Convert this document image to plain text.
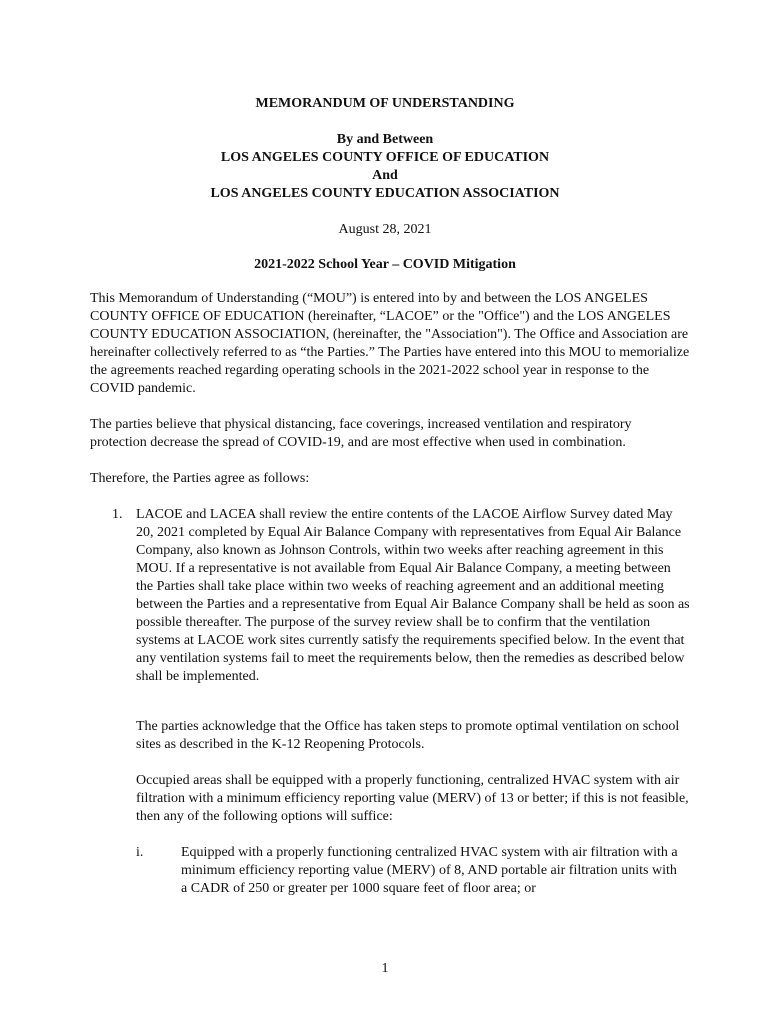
MEMORANDUM OF UNDERSTANDING
By and Between
LOS ANGELES COUNTY OFFICE OF EDUCATION
And
LOS ANGELES COUNTY EDUCATION ASSOCIATION
August 28, 2021
2021-2022 School Year – COVID Mitigation

This Memorandum of Understanding (“MOU”) is entered into by and between the LOS ANGELES COUNTY OFFICE OF EDUCATION (hereinafter, “LACOE” or the "Office") and the LOS ANGELES COUNTY EDUCATION ASSOCIATION, (hereinafter, the "Association"). The Office and Association are hereinafter collectively referred to as “the Parties.” The Parties have entered into this MOU to memorialize the agreements reached regarding operating schools in the 2021-2022 school year in response to the COVID pandemic.

The parties believe that physical distancing, face coverings, increased ventilation and respiratory protection decrease the spread of COVID-19, and are most effective when used in combination.

Therefore, the Parties agree as follows:

1. LACOE and LACEA shall review the entire contents of the LACOE Airflow Survey dated May 20, 2021 completed by Equal Air Balance Company with representatives from Equal Air Balance Company, also known as Johnson Controls, within two weeks after reaching agreement in this MOU. If a representative is not available from Equal Air Balance Company, a meeting between the Parties shall take place within two weeks of reaching agreement and an additional meeting between the Parties and a representative from Equal Air Balance Company shall be held as soon as possible thereafter. The purpose of the survey review shall be to confirm that the ventilation systems at LACOE work sites currently satisfy the requirements specified below. In the event that any ventilation systems fail to meet the requirements below, then the remedies as described below shall be implemented.

The parties acknowledge that the Office has taken steps to promote optimal ventilation on school sites as described in the K-12 Reopening Protocols.

Occupied areas shall be equipped with a properly functioning, centralized HVAC system with air filtration with a minimum efficiency reporting value (MERV) of 13 or better; if this is not feasible, then any of the following options will suffice:

i.	Equipped with a properly functioning centralized HVAC system with air filtration with a minimum efficiency reporting value (MERV) of 8, AND portable air filtration units with a CADR of 250 or greater per 1000 square feet of floor area; or

1
